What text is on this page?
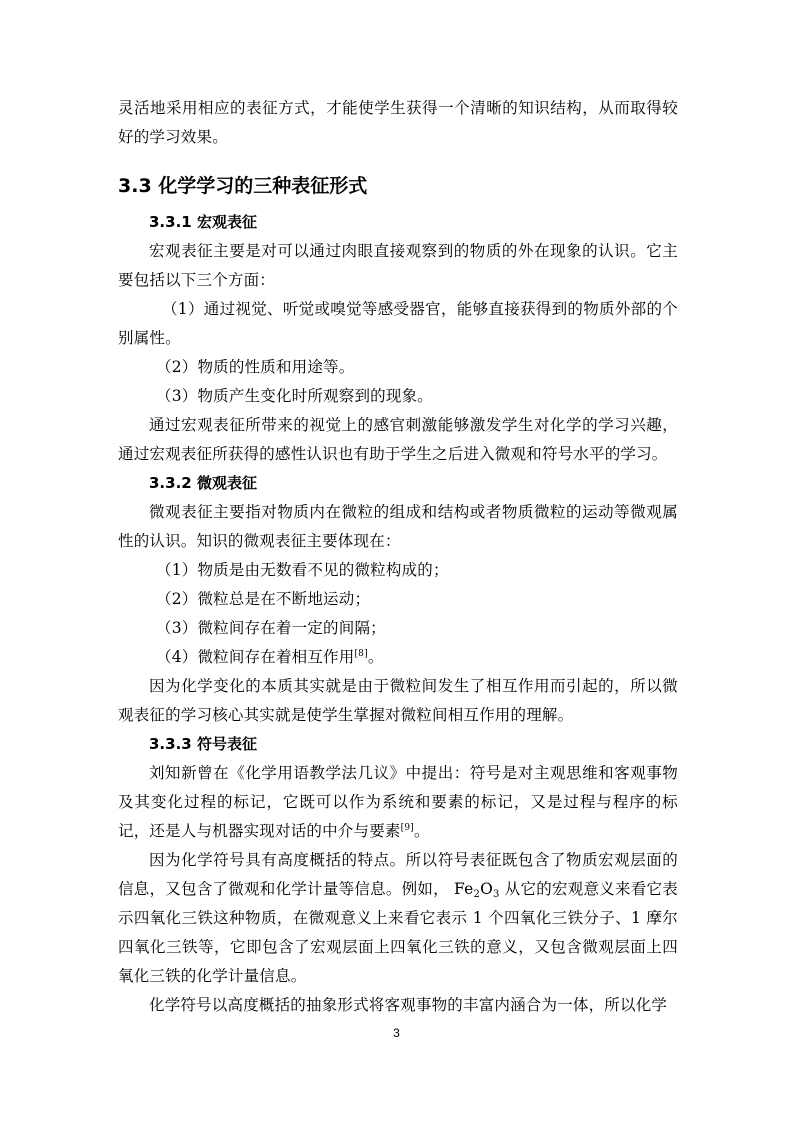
灵活地采用相应的表征方式，才能使学生获得一个清晰的知识结构，从而取得较好的学习效果。

3.3 化学学习的三种表征形式
3.3.1 宏观表征

宏观表征主要是对可以通过肉眼直接观察到的物质的外在现象的认识。它主要包括以下三个方面：

（1）通过视觉、听觉或嗅觉等感受器官，能够直接获得到的物质外部的个别属性。

（2）物质的性质和用途等。

（3）物质产生变化时所观察到的现象。

通过宏观表征所带来的视觉上的感官刺激能够激发学生对化学的学习兴趣，通过宏观表征所获得的感性认识也有助于学生之后进入微观和符号水平的学习。

3.3.2 微观表征

微观表征主要指对物质内在微粒的组成和结构或者物质微粒的运动等微观属性的认识。知识的微观表征主要体现在：

（1）物质是由无数看不见的微粒构成的；

（2）微粒总是在不断地运动；

（3）微粒间存在着一定的间隔；

（4）微粒间存在着相互作用[8]。

因为化学变化的本质其实就是由于微粒间发生了相互作用而引起的，所以微观表征的学习核心其实就是使学生掌握对微粒间相互作用的理解。

3.3.3 符号表征

刘知新曾在《化学用语教学法几议》中提出：符号是对主观思维和客观事物及其变化过程的标记，它既可以作为系统和要素的标记，又是过程与程序的标记，还是人与机器实现对话的中介与要素[9]。

因为化学符号具有高度概括的特点。所以符号表征既包含了物质宏观层面的信息，又包含了微观和化学计量等信息。例如， $Fe_2O_3$ 从它的宏观意义来看它表示四氧化三铁这种物质，在微观意义上来看它表示 1 个四氧化三铁分子、1 摩尔四氧化三铁等，它即包含了宏观层面上四氧化三铁的意义，又包含微观层面上四氧化三铁的化学计量信息。

化学符号以高度概括的抽象形式将客观事物的丰富内涵合为一体，所以化学

3
